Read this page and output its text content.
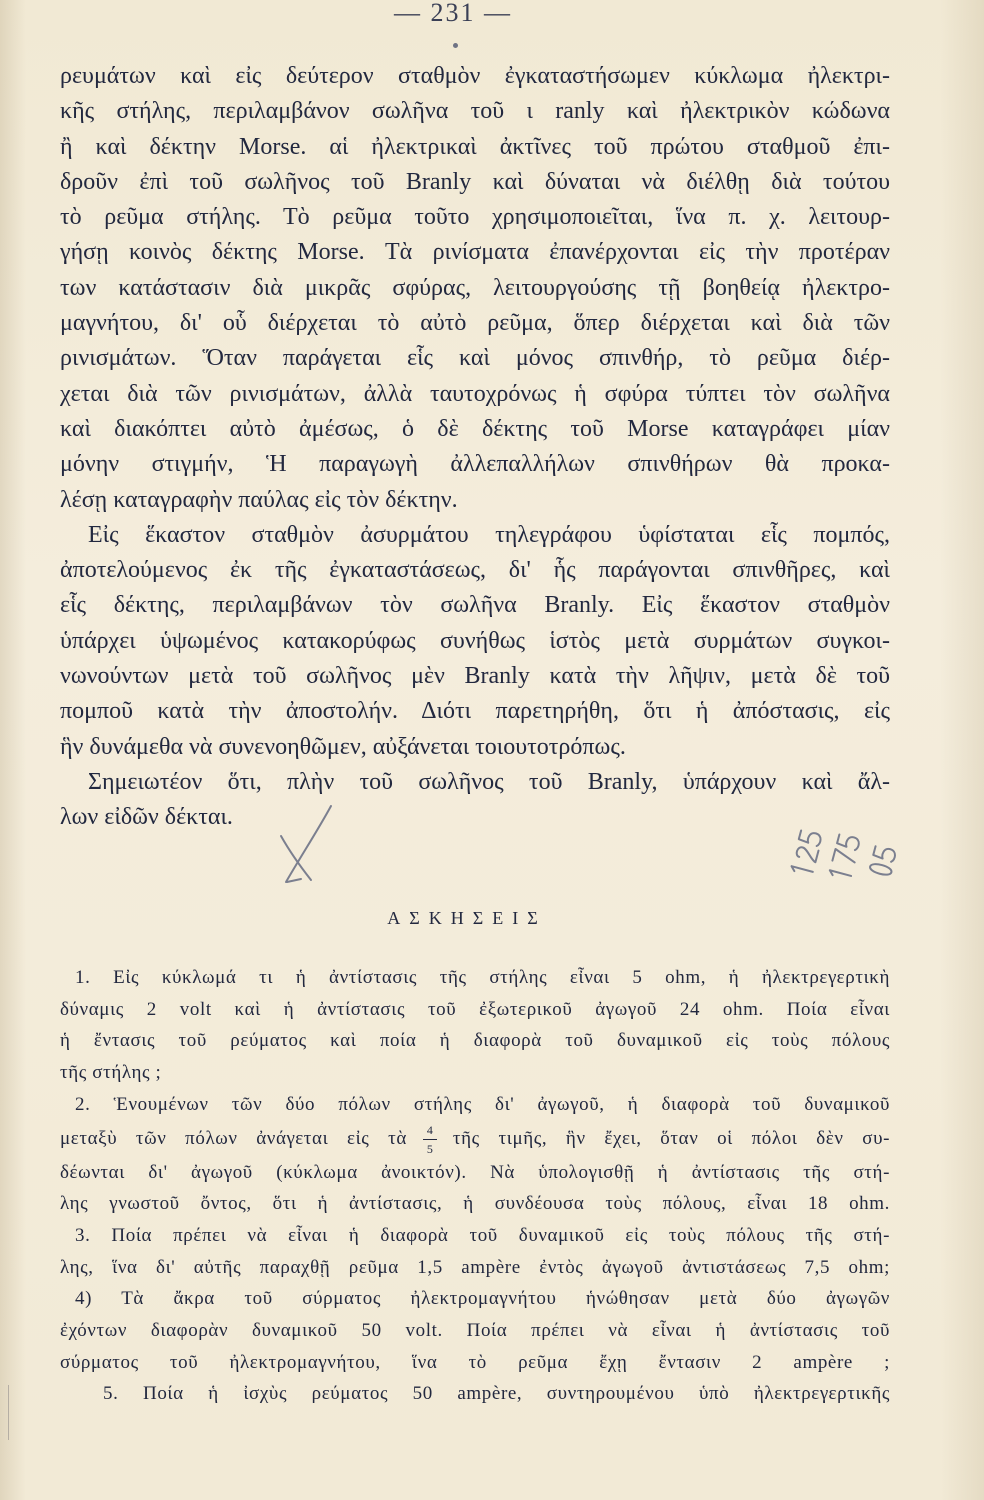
— 231 —
ρευμάτων καὶ εἰς δεύτερον σταθμὸν ἐγκαταστήσωμεν κύκλωμα ἠλεκτρι-
κῆς στήλης, περιλαμβάνον σωλῆνα τοῦ ι ranly καὶ ἠλεκτρικὸν κώδωνα
ἢ καὶ δέκτην Morse. αἱ ἠλεκτρικαὶ ἀκτῖνες τοῦ πρώτου σταθμοῦ ἐπι-
δροῦν ἐπὶ τοῦ σωλῆνος τοῦ Branly καὶ δύναται νὰ διέλθῃ διὰ τούτου
τὸ ρεῦμα στήλης. Τὸ ρεῦμα τοῦτο χρησιμοποιεῖται, ἵνα π. χ. λειτουρ-
γήσῃ κοινὸς δέκτης Morse. Τὰ ρινίσματα ἐπανέρχονται εἰς τὴν προτέραν
των κατάστασιν διὰ μικρᾶς σφύρας, λειτουργούσης τῇ βοηθείᾳ ἠλεκτρο-
μαγνήτου, δι' οὗ διέρχεται τὸ αὐτὸ ρεῦμα, ὅπερ διέρχεται καὶ διὰ τῶν
ρινισμάτων. Ὅταν παράγεται εἷς καὶ μόνος σπινθήρ, τὸ ρεῦμα διέρ-
χεται διὰ τῶν ρινισμάτων, ἀλλὰ ταυτοχρόνως ἡ σφύρα τύπτει τὸν σωλῆνα
καὶ διακόπτει αὐτὸ ἀμέσως, ὁ δὲ δέκτης τοῦ Morse καταγράφει μίαν
μόνην στιγμήν, Ἡ παραγωγὴ ἀλλεπαλλήλων σπινθήρων θὰ προκα-
λέσῃ καταγραφὴν παύλας εἰς τὸν δέκτην.
Εἰς ἕκαστον σταθμὸν ἀσυρμάτου τηλεγράφου ὑφίσταται εἷς πομπός,
ἀποτελούμενος ἐκ τῆς ἐγκαταστάσεως, δι' ἧς παράγονται σπινθῆρες, καὶ
εἷς δέκτης, περιλαμβάνων τὸν σωλῆνα Branly. Εἰς ἕκαστον σταθμὸν
ὑπάρχει ὑψωμένος κατακορύφως συνήθως ἱστὸς μετὰ συρμάτων συγκοι-
νωνούντων μετὰ τοῦ σωλῆνος μὲν Branly κατὰ τὴν λῆψιν, μετὰ δὲ τοῦ
πομποῦ κατὰ τὴν ἀποστολήν. Διότι παρετηρήθη, ὅτι ἡ ἀπόστασις, εἰς
ἣν δυνάμεθα νὰ συνενοηθῶμεν, αὐξάνεται τοιουτοτρόπως.
Σημειωτέον ὅτι, πλὴν τοῦ σωλῆνος τοῦ Branly, ὑπάρχουν καὶ ἄλ-
λων εἰδῶν δέκται.
ΑΣΚΗΣΕΙΣ
1. Εἰς κύκλωμά τι ἡ ἀντίστασις τῆς στήλης εἶναι 5 ohm, ἡ ἠλεκτρεγερτικὴ
δύναμις 2 volt καὶ ἡ ἀντίστασις τοῦ ἐξωτερικοῦ ἀγωγοῦ 24 ohm. Ποία εἶναι
ἡ ἔντασις τοῦ ρεύματος καὶ ποία ἡ διαφορὰ τοῦ δυναμικοῦ εἰς τοὺς πόλους
τῆς στήλης ;
2. Ἑνουμένων τῶν δύο πόλων στήλης δι' ἀγωγοῦ, ἡ διαφορὰ τοῦ δυναμικοῦ
μεταξὺ τῶν πόλων ἀνάγεται εἰς τὰ $\frac{4}{5}$ τῆς τιμῆς, ἣν ἔχει, ὅταν οἱ πόλοι δὲν συ-
δέωνται δι' ἀγωγοῦ (κύκλωμα ἀνοικτόν). Νὰ ὑπολογισθῇ ἡ ἀντίστασις τῆς στή-
λης γνωστοῦ ὄντος, ὅτι ἡ ἀντίστασις, ἡ συνδέουσα τοὺς πόλους, εἶναι 18 ohm.
3. Ποία πρέπει νὰ εἶναι ἡ διαφορὰ τοῦ δυναμικοῦ εἰς τοὺς πόλους τῆς στή-
λης, ἵνα δι' αὐτῆς παραχθῇ ρεῦμα 1,5 ampère ἐντὸς ἀγωγοῦ ἀντιστάσεως 7,5 ohm;
4) Τὰ ἄκρα τοῦ σύρματος ἠλεκτρομαγνήτου ἡνώθησαν μετὰ δύο ἀγωγῶν
ἐχόντων διαφορὰν δυναμικοῦ 50 volt. Ποία πρέπει νὰ εἶναι ἡ ἀντίστασις τοῦ
σύρματος τοῦ ἠλεκτρομαγνήτου, ἵνα τὸ ρεῦμα ἔχῃ ἔντασιν 2 ampère ;
5. Ποία ἡ ἰσχὺς ρεύματος 50 ampère, συντηρουμένου ὑπὸ ἠλεκτρεγερτικῆς
